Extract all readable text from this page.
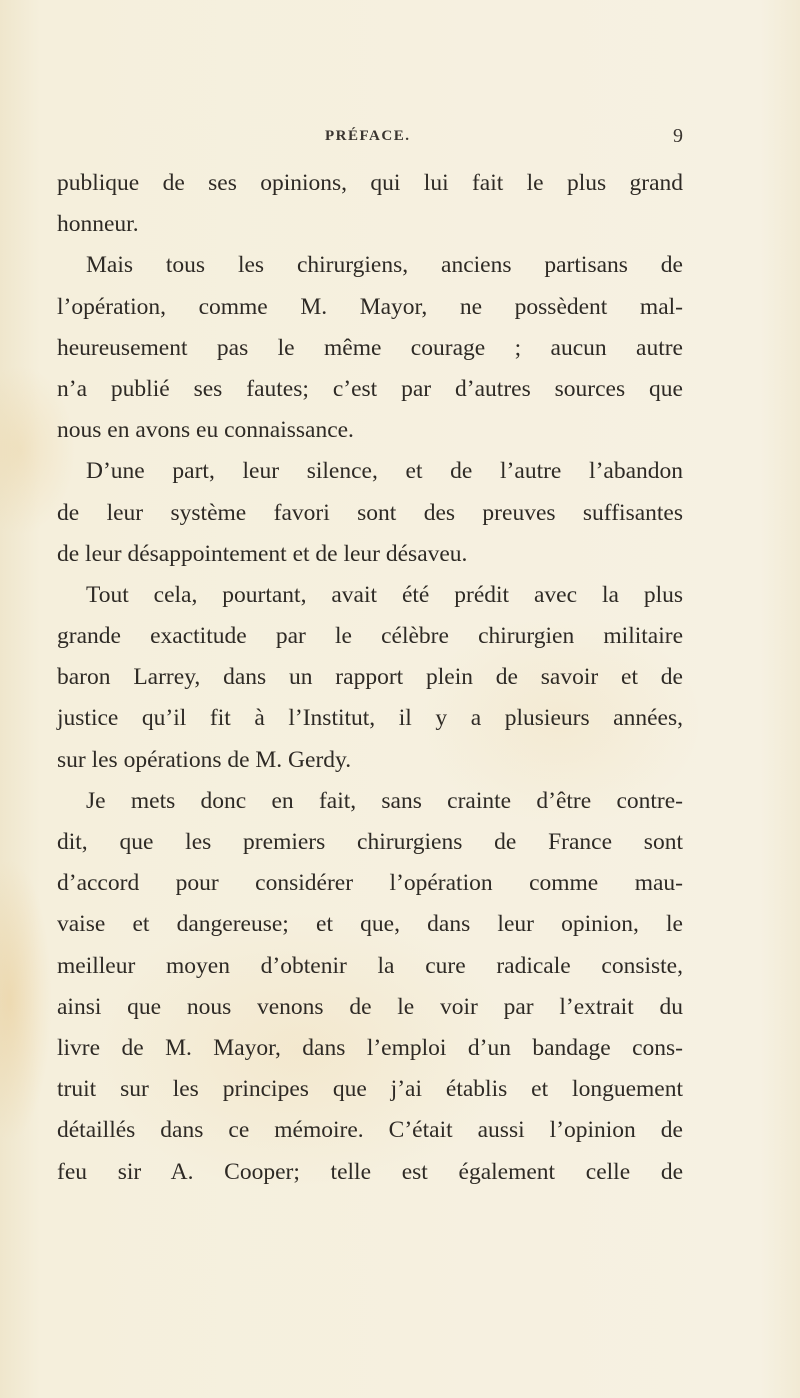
PRÉFACE.	9
publique de ses opinions, qui lui fait le plus grand
honneur.
Mais tous les chirurgiens, anciens partisans de
l’opération, comme M. Mayor, ne possèdent mal-
heureusement pas le même courage ; aucun autre
n’a publié ses fautes; c’est par d’autres sources que
nous en avons eu connaissance.
D’une part, leur silence, et de l’autre l’abandon
de leur système favori sont des preuves suffisantes
de leur désappointement et de leur désaveu.
Tout cela, pourtant, avait été prédit avec la plus
grande exactitude par le célèbre chirurgien militaire
baron Larrey, dans un rapport plein de savoir et de
justice qu’il fit à l’Institut, il y a plusieurs années,
sur les opérations de M. Gerdy.
Je mets donc en fait, sans crainte d’être contre-
dit, que les premiers chirurgiens de France sont
d’accord pour considérer l’opération comme mau-
vaise et dangereuse; et que, dans leur opinion, le
meilleur moyen d’obtenir la cure radicale consiste,
ainsi que nous venons de le voir par l’extrait du
livre de M. Mayor, dans l’emploi d’un bandage cons-
truit sur les principes que j’ai établis et longuement
détaillés dans ce mémoire. C’était aussi l’opinion de
feu sir A. Cooper; telle est également celle de
